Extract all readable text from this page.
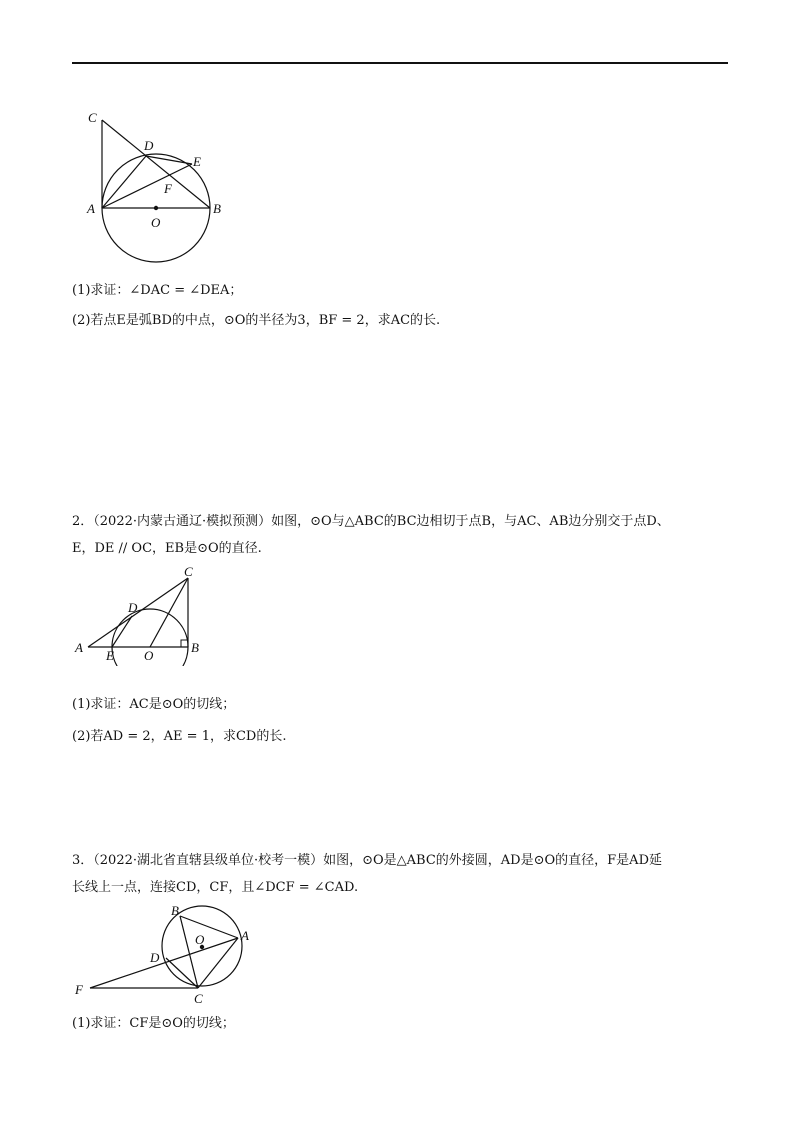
C
D
E
F
A
O
B
(1)求证：∠DAC = ∠DEA；
(2)若点E是弧BD的中点，⊙O的半径为3，BF = 2，求AC的长.
2．（2022·内蒙古通辽·模拟预测）如图，⊙O与△ABC的BC边相切于点B，与AC、AB边分别交于点D、
E，DE // OC，EB是⊙O的直径.
C
D
A
E O
B
(1)求证：AC是⊙O的切线；
(2)若AD = 2，AE = 1，求CD的长.
3．（2022·湖北省直辖县级单位·校考一模）如图，⊙O是△ABC的外接圆，AD是⊙O的直径，F是AD延
长线上一点，连接CD，CF，且∠DCF = ∠CAD.
B
O	A
D
F
C
(1)求证：CF是⊙O的切线；
